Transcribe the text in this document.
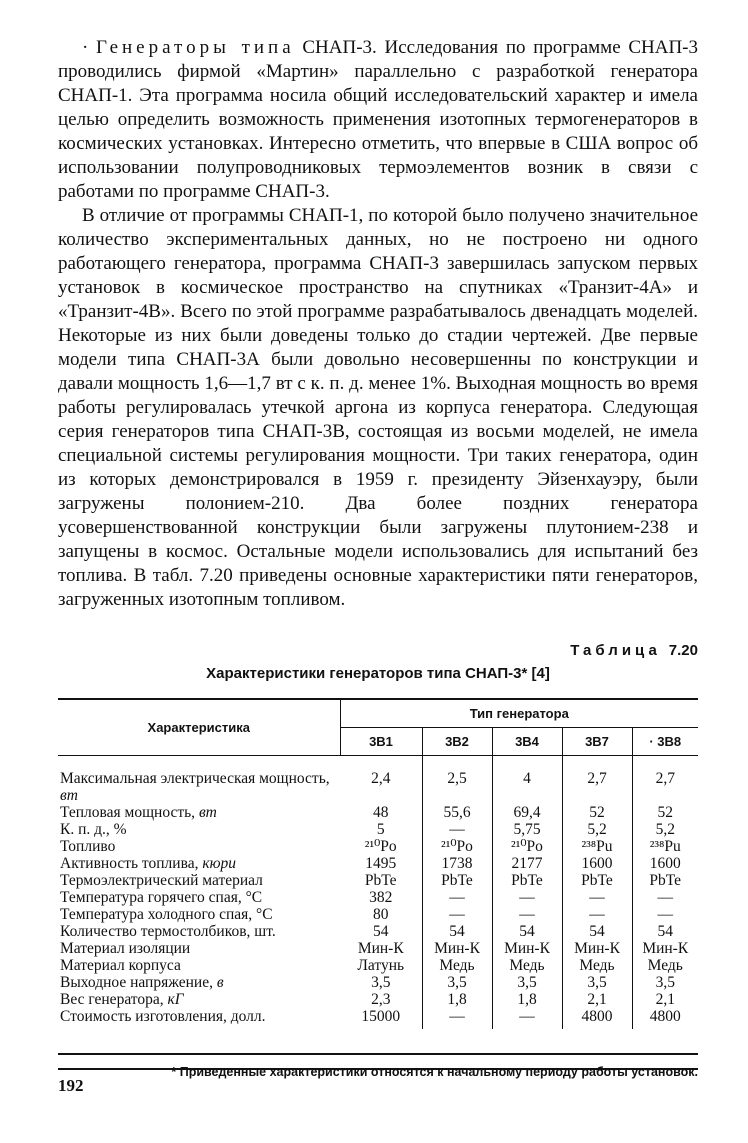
· Генераторы типа СНАП-3. Исследования по программе СНАП-3 проводились фирмой «Мартин» параллельно с разработкой генератора СНАП-1. Эта программа носила общий исследовательский характер и имела целью определить возможность применения изотопных термогенераторов в космических установках. Интересно отметить, что впервые в США вопрос об использовании полупроводниковых термоэлементов возник в связи с работами по программе СНАП-3.

В отличие от программы СНАП-1, по которой было получено значительное количество экспериментальных данных, но не построено ни одного работающего генератора, программа СНАП-3 завершилась запуском первых установок в космическое пространство на спутниках «Транзит-4А» и «Транзит-4В». Всего по этой программе разрабатывалось двенадцать моделей. Некоторые из них были доведены только до стадии чертежей. Две первые модели типа СНАП-3А были довольно несовершенны по конструкции и давали мощность 1,6—1,7 вт с к. п. д. менее 1%. Выходная мощность во время работы регулировалась утечкой аргона из корпуса генератора. Следующая серия генераторов типа СНАП-3В, состоящая из восьми моделей, не имела специальной системы регулирования мощности. Три таких генератора, один из которых демонстрировался в 1959 г. президенту Эйзенхауэру, были загружены полонием-210. Два более поздних генератора усовершенствованной конструкции были загружены плутонием-238 и запущены в космос. Остальные модели использовались для испытаний без топлива. В табл. 7.20 приведены основные характеристики пяти генераторов, загруженных изотопным топливом.

Таблица 7.20
Характеристики генераторов типа СНАП-3* [4]
Характеристика	Тип генератора				
	3В1	3В2	3В4	3В7	· 3В8
Максимальная электрическая мощность, вт	2,4	2,5	4	2,7	2,7
Тепловая мощность, вт	48	55,6	69,4	52	52
К. п. д., %	5	—	5,75	5,2	5,2
Топливо	²¹⁰Po	²¹⁰Po	²¹⁰Po	²³⁸Pu	²³⁸Pu
Активность топлива, кюри	1495	1738	2177	1600	1600
Термоэлектрический материал	PbTe	PbTe	PbTe	PbTe	PbTe
Температура горячего спая, °С	382	—	—	—	—
Температура холодного спая, °С	80	—	—	—	—
Количество термостолбиков, шт.	54	54	54	54	54
Материал изоляции	Мин-К	Мин-К	Мин-К	Мин-К	Мин-К
Материал корпуса	Латунь	Медь	Медь	Медь	Медь
Выходное напряжение, в	3,5	3,5	3,5	3,5	3,5
Вес генератора, кГ	2,3	1,8	1,8	2,1	2,1
Стоимость изготовления, долл.	15000	—	—	4800	4800
* Приведенные характеристики относятся к начальному периоду работы установок.
192
